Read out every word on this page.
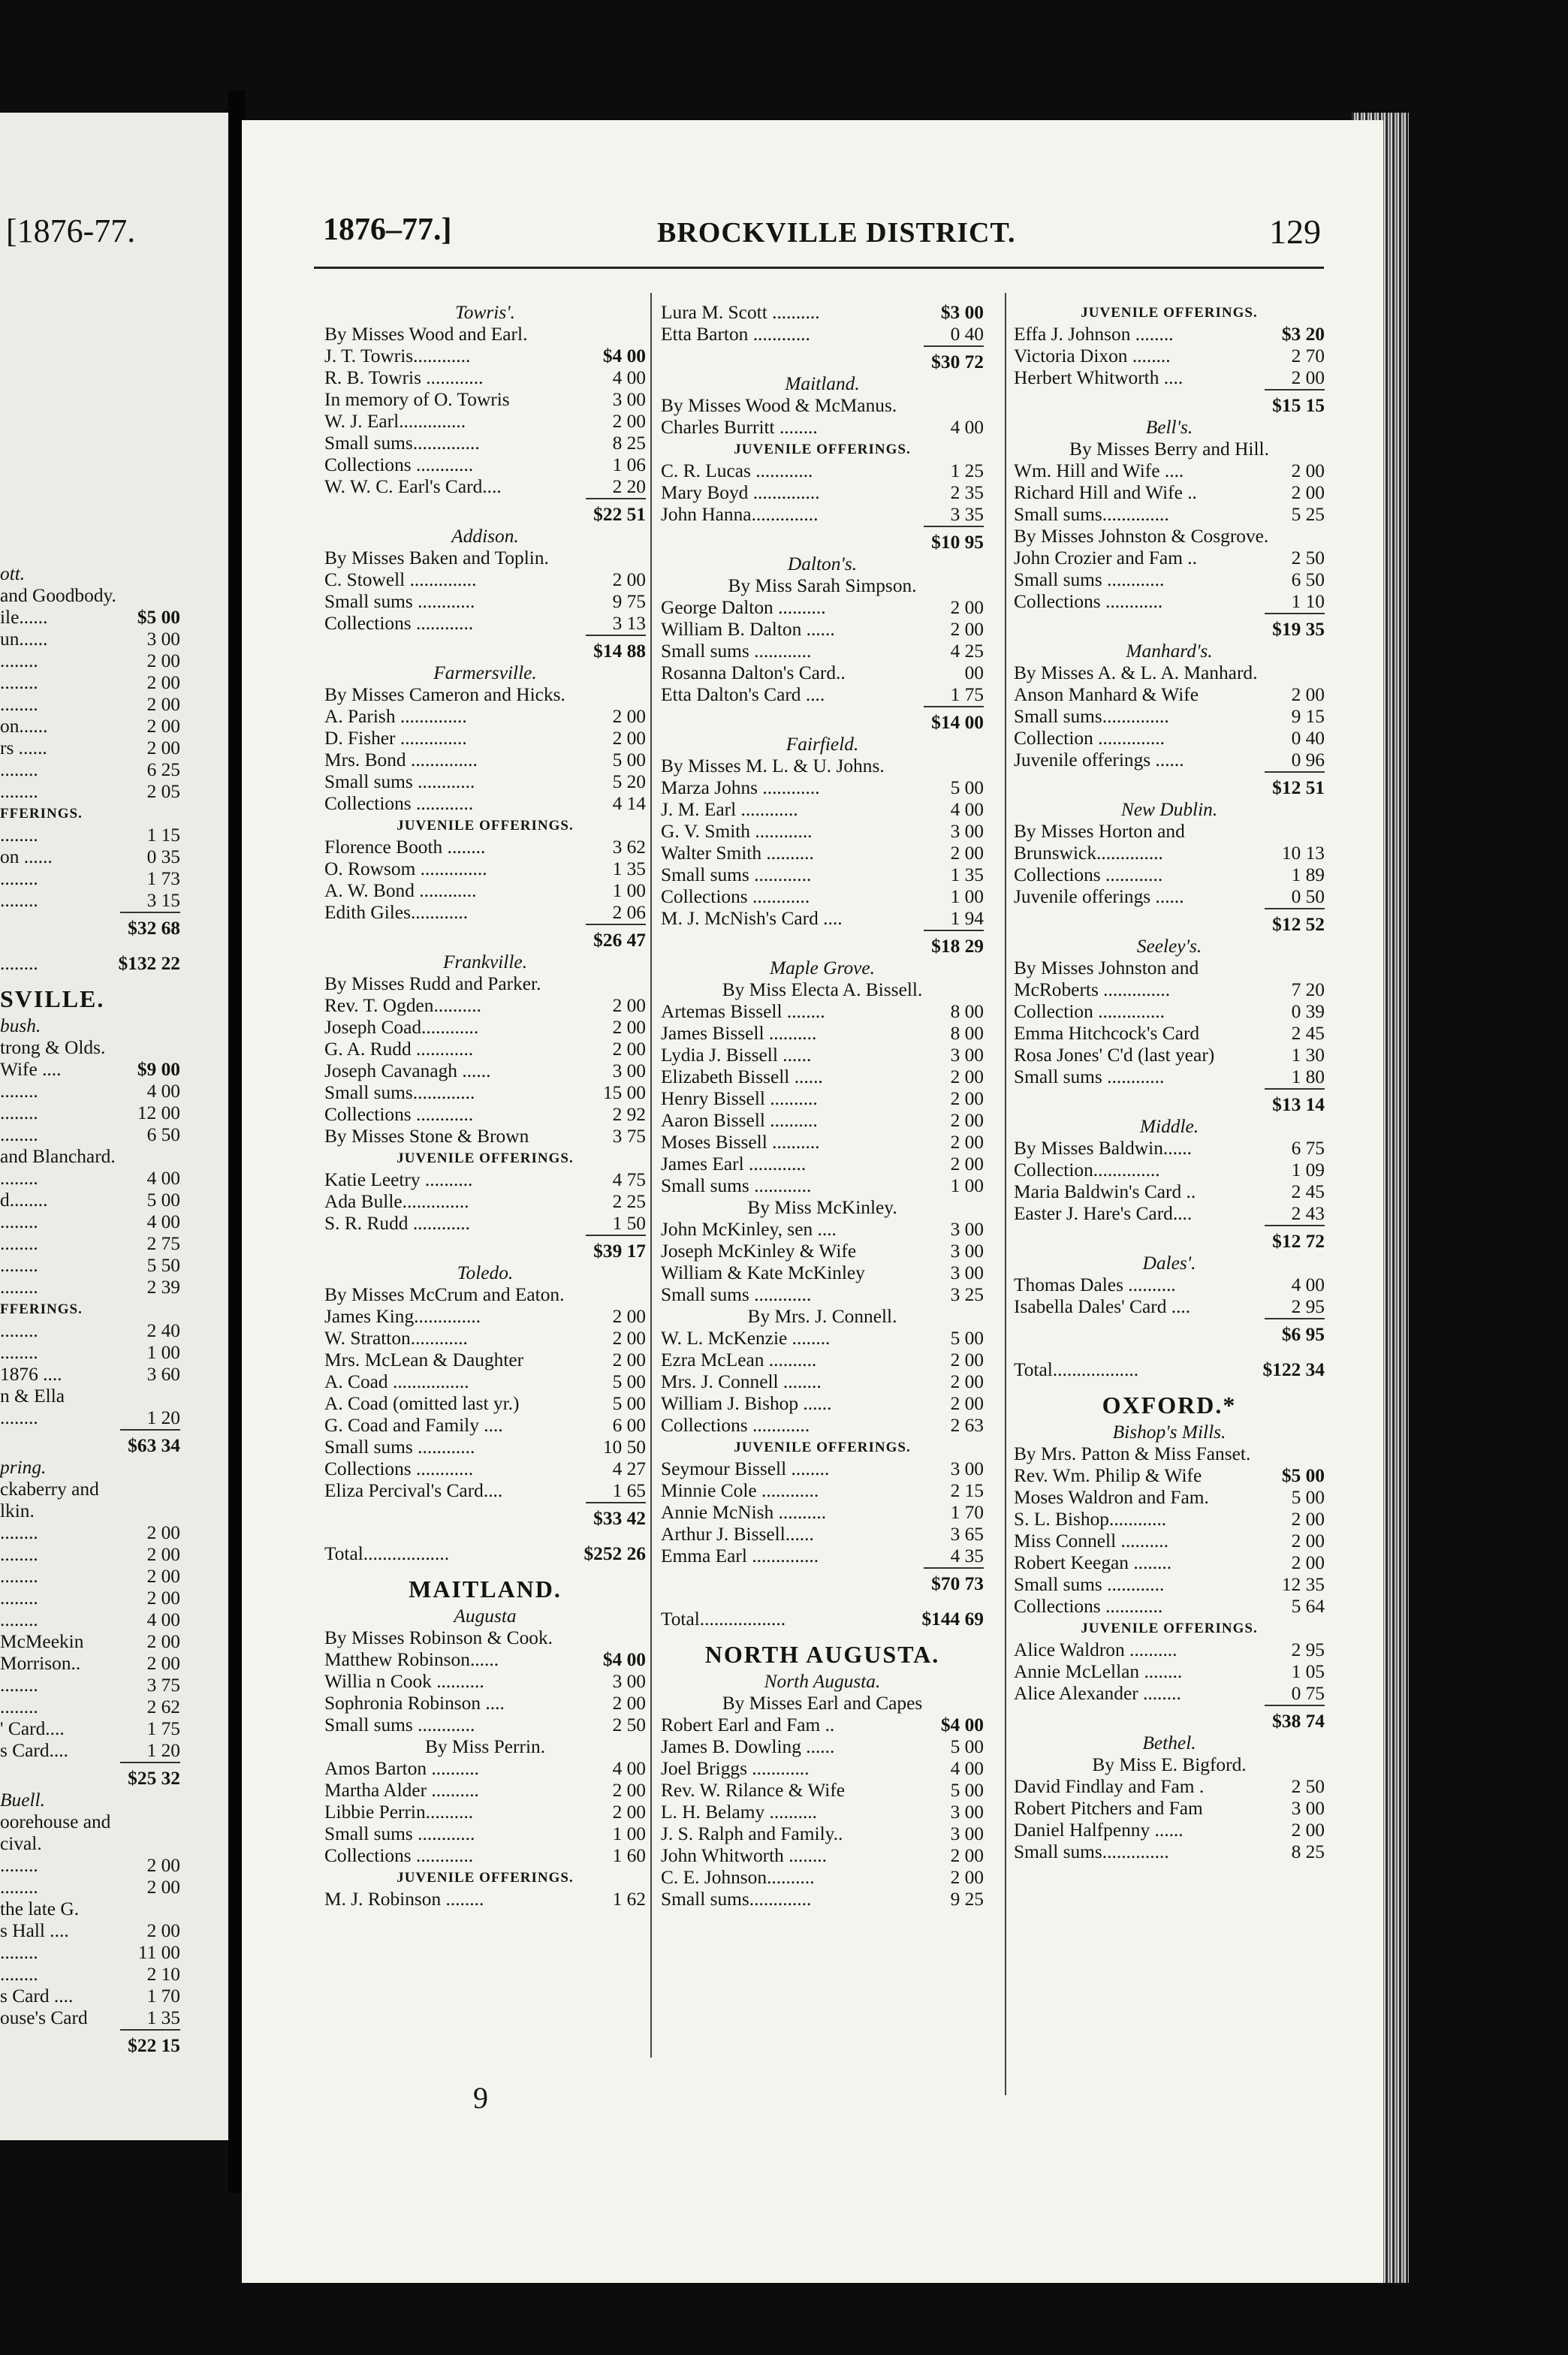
[1876-77.
ott.
and Goodbody.
ile......	$5 00
un......	3 00
........	2 00
........	2 00
........	2 00
on......	2 00
rs ......	2 00
........	6 25
........	2 05
FFERINGS.
........	1 15
on ......	0 35
........	1 73
........	3 15
$32 68
........	$132 22
SVILLE.
bush.
trong & Olds.
Wife ....	$9 00
........	4 00
........	12 00
........	6 50
and Blanchard.
........	4 00
d........	5 00
........	4 00
........	2 75
........	5 50
........	2 39
FFERINGS.
........	2 40
........	1 00
1876 ....	3 60
n & Ella
........	1 20
$63 34
pring.
ckaberry and
lkin.
........	2 00
........	2 00
........	2 00
........	2 00
........	4 00
McMeekin	2 00
Morrison..	2 00
........	3 75
........	2 62
' Card....	1 75
s Card....	1 20
$25 32
Buell.
oorehouse and
cival.
........	2 00
........	2 00
the late G.
s Hall ....	2 00
........	11 00
........	2 10
s Card ....	1 70
ouse's Card	1 35
$22 15
1876–77.]	BROCKVILLE DISTRICT.	129
Towris'.
By Misses Wood and Earl.
J. T. Towris............	$4 00
R. B. Towris ............	4 00
In memory of O. Towris	3 00
W. J. Earl..............	2 00
Small sums..............	8 25
Collections ............	1 06
W. W. C. Earl's Card....	2 20
$22 51
Addison.
By Misses Baken and Toplin.
C. Stowell ..............	2 00
Small sums ............	9 75
Collections ............	3 13
$14 88
Farmersville.
By Misses Cameron and Hicks.
A. Parish ..............	2 00
D. Fisher ..............	2 00
Mrs. Bond ..............	5 00
Small sums ............	5 20
Collections ............	4 14
JUVENILE OFFERINGS.
Florence Booth ........	3 62
O. Rowsom ..............	1 35
A. W. Bond ............	1 00
Edith Giles............	2 06
$26 47
Frankville.
By Misses Rudd and Parker.
Rev. T. Ogden..........	2 00
Joseph Coad............	2 00
G. A. Rudd ............	2 00
Joseph Cavanagh ......	3 00
Small sums.............	15 00
Collections ............	2 92
By Misses Stone & Brown	3 75
JUVENILE OFFERINGS.
Katie Leetry ..........	4 75
Ada Bulle..............	2 25
S. R. Rudd ............	1 50
$39 17
Toledo.
By Misses McCrum and Eaton.
James King..............	2 00
W. Stratton............	2 00
Mrs. McLean & Daughter	2 00
A. Coad ................	5 00
A. Coad (omitted last yr.)	5 00
G. Coad and Family ....	6 00
Small sums ............	10 50
Collections ............	4 27
Eliza Percival's Card....	1 65
$33 42
Total..................	$252 26
MAITLAND.
Augusta
By Misses Robinson & Cook.
Matthew Robinson......	$4 00
Willia n Cook ..........	3 00
Sophronia Robinson ....	2 00
Small sums ............	2 50
By Miss Perrin.
Amos Barton ..........	4 00
Martha Alder ..........	2 00
Libbie Perrin..........	2 00
Small sums ............	1 00
Collections ............	1 60
JUVENILE OFFERINGS.
M. J. Robinson ........	1 62
Lura M. Scott ..........	$3 00
Etta Barton ............	0 40
$30 72
Maitland.
By Misses Wood & McManus.
Charles Burritt ........	4 00
JUVENILE OFFERINGS.
C. R. Lucas ............	1 25
Mary Boyd ..............	2 35
John Hanna..............	3 35
$10 95
Dalton's.
By Miss Sarah Simpson.
George Dalton ..........	2 00
William B. Dalton ......	2 00
Small sums ............	4 25
Rosanna Dalton's Card..	00
Etta Dalton's Card ....	1 75
$14 00
Fairfield.
By Misses M. L. & U. Johns.
Marza Johns ............	5 00
J. M. Earl ............	4 00
G. V. Smith ............	3 00
Walter Smith ..........	2 00
Small sums ............	1 35
Collections ............	1 00
M. J. McNish's Card ....	1 94
$18 29
Maple Grove.
By Miss Electa A. Bissell.
Artemas Bissell ........	8 00
James Bissell ..........	8 00
Lydia J. Bissell ......	3 00
Elizabeth Bissell ......	2 00
Henry Bissell ..........	2 00
Aaron Bissell ..........	2 00
Moses Bissell ..........	2 00
James Earl ............	2 00
Small sums ............	1 00
By Miss McKinley.
John McKinley, sen ....	3 00
Joseph McKinley & Wife	3 00
William & Kate McKinley	3 00
Small sums ............	3 25
By Mrs. J. Connell.
W. L. McKenzie ........	5 00
Ezra McLean ..........	2 00
Mrs. J. Connell ........	2 00
William J. Bishop ......	2 00
Collections ............	2 63
JUVENILE OFFERINGS.
Seymour Bissell ........	3 00
Minnie Cole ............	2 15
Annie McNish ..........	1 70
Arthur J. Bissell......	3 65
Emma Earl ..............	4 35
$70 73
Total..................	$144 69
NORTH AUGUSTA.
North Augusta.
By Misses Earl and Capes
Robert Earl and Fam ..	$4 00
James B. Dowling ......	5 00
Joel Briggs ............	4 00
Rev. W. Rilance & Wife	5 00
L. H. Belamy ..........	3 00
J. S. Ralph and Family..	3 00
John Whitworth ........	2 00
C. E. Johnson..........	2 00
Small sums.............	9 25
JUVENILE OFFERINGS.
Effa J. Johnson ........	$3 20
Victoria Dixon ........	2 70
Herbert Whitworth ....	2 00
$15 15
Bell's.
By Misses Berry and Hill.
Wm. Hill and Wife ....	2 00
Richard Hill and Wife ..	2 00
Small sums..............	5 25
By Misses Johnston & Cosgrove.
John Crozier and Fam ..	2 50
Small sums ............	6 50
Collections ............	1 10
$19 35
Manhard's.
By Misses A. & L. A. Manhard.
Anson Manhard & Wife	2 00
Small sums..............	9 15
Collection ..............	0 40
Juvenile offerings ......	0 96
$12 51
New Dublin.
By Misses Horton and
Brunswick..............	10 13
Collections ............	1 89
Juvenile offerings ......	0 50
$12 52
Seeley's.
By Misses Johnston and
McRoberts ..............	7 20
Collection ..............	0 39
Emma Hitchcock's Card	2 45
Rosa Jones' C'd (last year)	1 30
Small sums ............	1 80
$13 14
Middle.
By Misses Baldwin......	6 75
Collection..............	1 09
Maria Baldwin's Card ..	2 45
Easter J. Hare's Card....	2 43
$12 72
Dales'.
Thomas Dales ..........	4 00
Isabella Dales' Card ....	2 95
$6 95
Total..................	$122 34
OXFORD.*
Bishop's Mills.
By Mrs. Patton & Miss Fanset.
Rev. Wm. Philip & Wife	$5 00
Moses Waldron and Fam.	5 00
S. L. Bishop............	2 00
Miss Connell ..........	2 00
Robert Keegan ........	2 00
Small sums ............	12 35
Collections ............	5 64
JUVENILE OFFERINGS.
Alice Waldron ..........	2 95
Annie McLellan ........	1 05
Alice Alexander ........	0 75
$38 74
Bethel.
By Miss E. Bigford.
David Findlay and Fam .	2 50
Robert Pitchers and Fam	3 00
Daniel Halfpenny ......	2 00
Small sums..............	8 25
9
